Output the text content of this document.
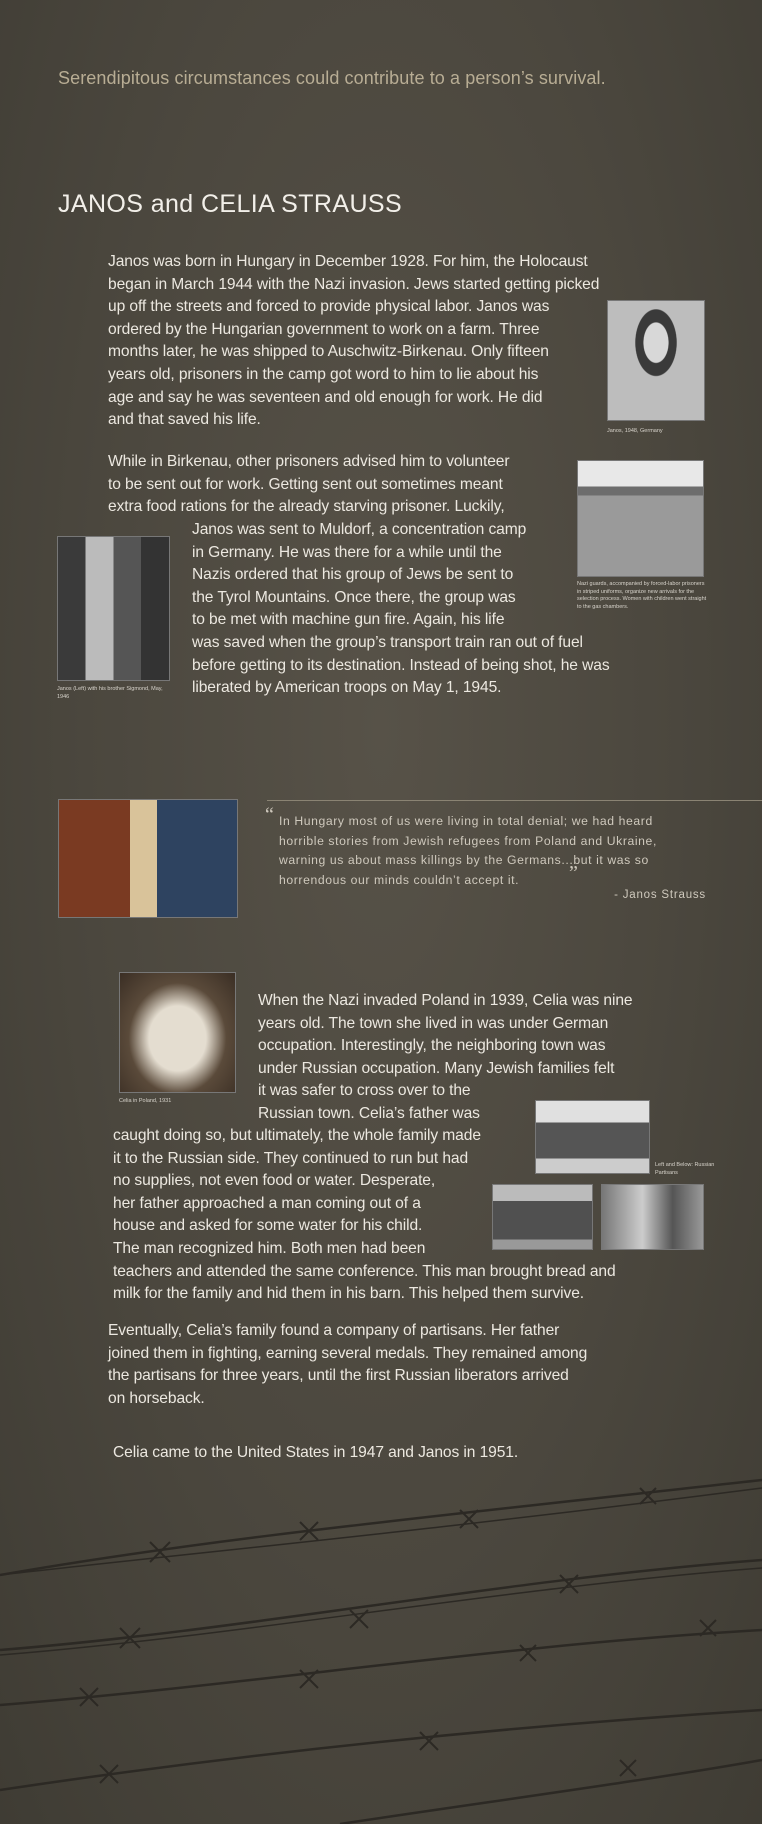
Serendipitous circumstances could contribute to a person’s survival.
JANOS and CELIA STRAUSS
Janos was born in Hungary in December 1928. For him, the Holocaust
began in March 1944 with the Nazi invasion. Jews started getting picked
up off the streets and forced to provide physical labor. Janos was
ordered by the Hungarian government to work on a farm. Three
months later, he was shipped to Auschwitz-Birkenau. Only fifteen
years old, prisoners in the camp got word to him to lie about his
age and say he was seventeen and old enough for work. He did
and that saved his life.
Janos, 1948, Germany
While in Birkenau, other prisoners advised him to volunteer
to be sent out for work. Getting sent out sometimes meant
extra food rations for the already starving prisoner. Luckily,
Janos was sent to Muldorf, a concentration camp
in Germany. He was there for a while until the
Nazis ordered that his group of Jews be sent to
the Tyrol Mountains. Once there, the group was
to be met with machine gun fire. Again, his life
was saved when the group’s transport train ran out of fuel
before getting to its destination. Instead of being shot, he was
liberated by American troops on May 1, 1945.
Nazi guards, accompanied by forced-labor prisoners in striped uniforms, organize new arrivals for the selection process. Women with children went straight to the gas chambers.
Janos (Left) with his brother Sigmond, May, 1946
“ In Hungary most of us were living in total denial; we had heard
horrible stories from Jewish refugees from Poland and Ukraine,
warning us about mass killings by the Germans...but it was so
horrendous our minds couldn’t accept it.	”
- Janos Strauss
Celia in Poland, 1931
When the Nazi invaded Poland in 1939, Celia was nine
years old. The town she lived in was under German
occupation. Interestingly, the neighboring town was
under Russian occupation. Many Jewish families felt
it was safer to cross over to the
Russian town. Celia’s father was
caught doing so, but ultimately, the whole family made
it to the Russian side. They continued to run but had
no supplies, not even food or water. Desperate,
her father approached a man coming out of a
house and asked for some water for his child.
The man recognized him. Both men had been
teachers and attended the same conference. This man brought bread and
milk for the family and hid them in his barn. This helped them survive.
Left and Below: Russian Partisans
Eventually, Celia’s family found a company of partisans. Her father
joined them in fighting, earning several medals. They remained among
the partisans for three years, until the first Russian liberators arrived
on horseback.
Celia came to the United States in 1947 and Janos in 1951.
